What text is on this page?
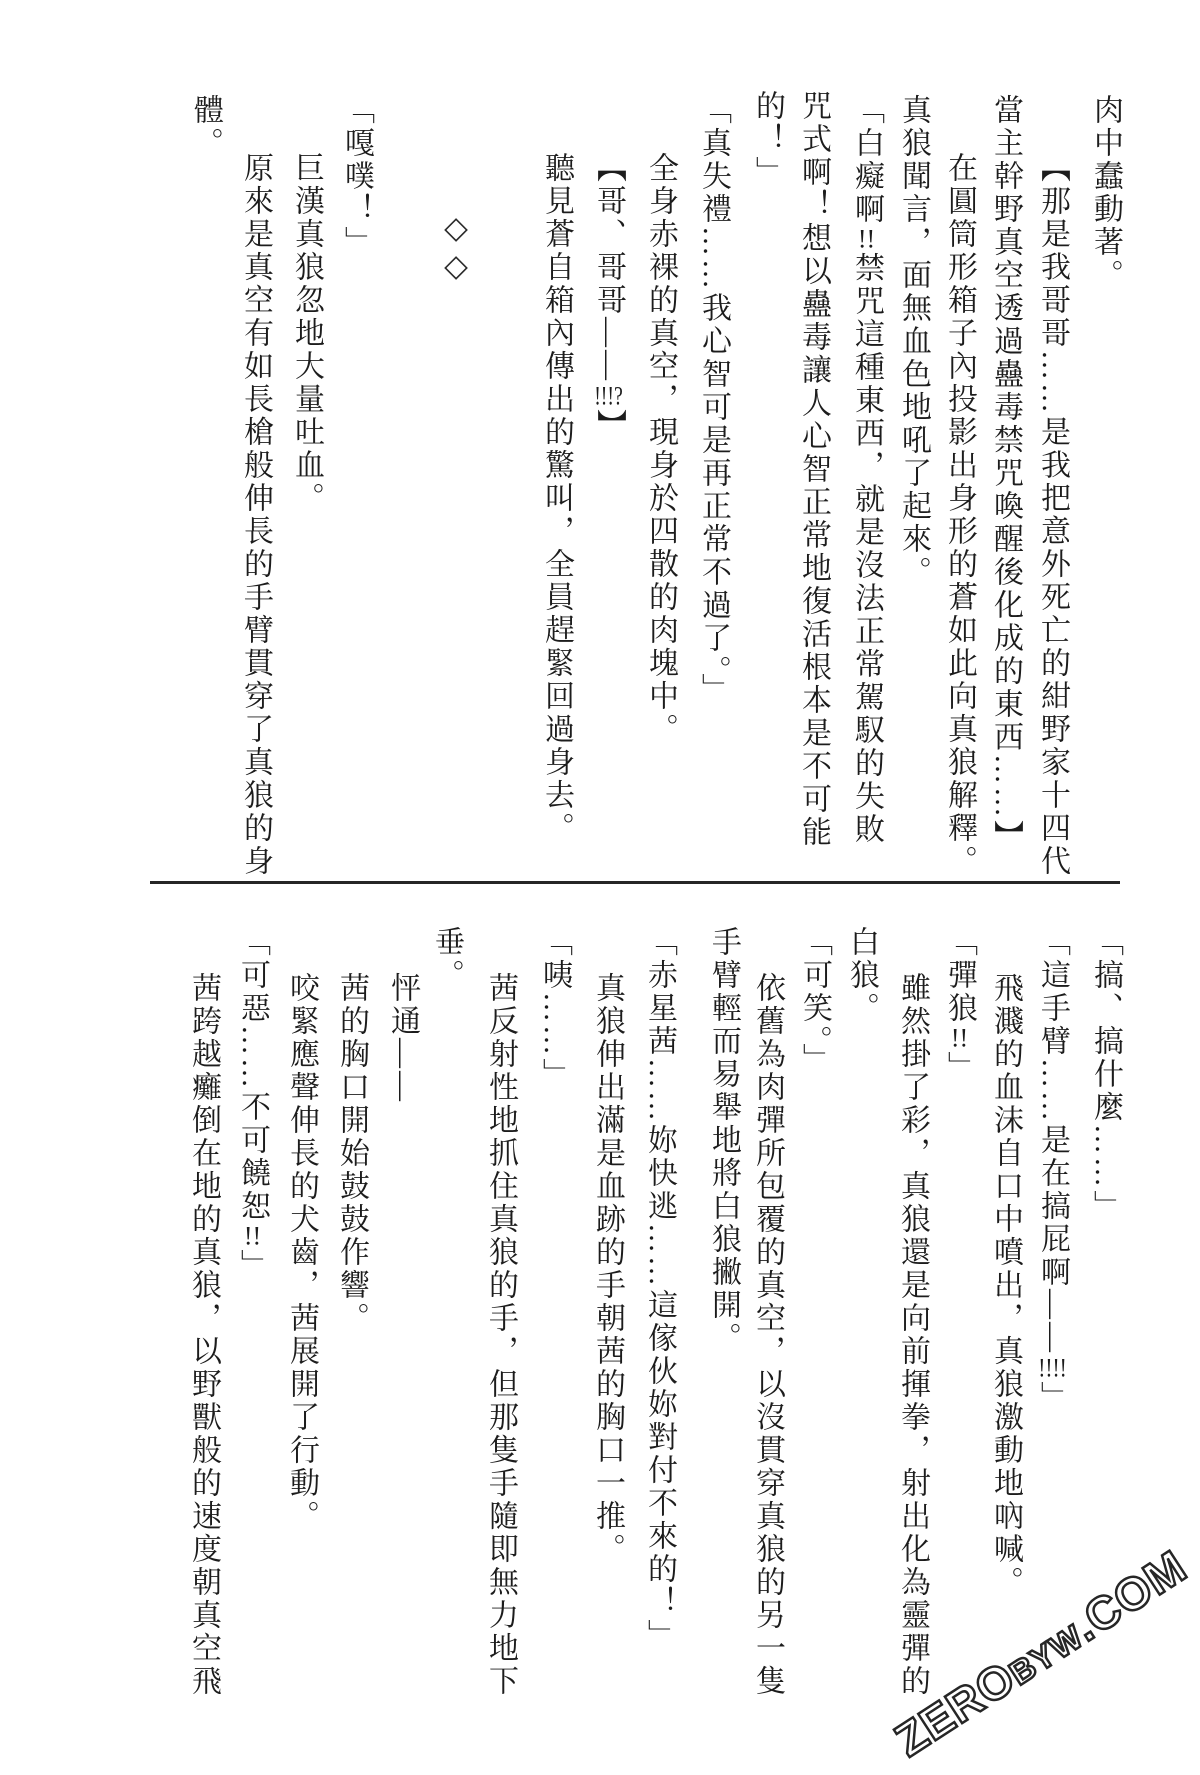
肉中蠢動著。
【那是我哥哥……是我把意外死亡的紺野家十四代
當主幹野真空透過蠱毒禁咒喚醒後化成的東西……】
在圓筒形箱子內投影出身形的蒼如此向真狼解釋。
真狼聞言，面無血色地吼了起來。
「白癡啊!!禁咒這種東西，就是沒法正常駕馭的失敗
咒式啊！想以蠱毒讓人心智正常地復活根本是不可能
的！」
「真失禮……我心智可是再正常不過了。」
全身赤裸的真空，現身於四散的肉塊中。
【哥、哥哥——!!!?】
聽見蒼自箱內傳出的驚叫，全員趕緊回過身去。
◇◇
「嘎噗！」
巨漢真狼忽地大量吐血。
原來是真空有如長槍般伸長的手臂貫穿了真狼的身
體。
「搞、搞什麼……」
「這手臂……是在搞屁啊——!!!!」
飛濺的血沫自口中噴出，真狼激動地吶喊。
「彈狼!!」
雖然掛了彩，真狼還是向前揮拳，射出化為靈彈的
白狼。
「可笑。」
依舊為肉彈所包覆的真空，以沒貫穿真狼的另一隻
手臂輕而易舉地將白狼撇開。
「赤星茜……妳快逃……這傢伙妳對付不來的！」
真狼伸出滿是血跡的手朝茜的胸口一推。
「咦……」
茜反射性地抓住真狼的手，但那隻手隨即無力地下
垂。
怦通——
茜的胸口開始鼓鼓作響。
咬緊應聲伸長的犬齒，茜展開了行動。
「可惡……不可饒恕!!」
茜跨越癱倒在地的真狼，以野獸般的速度朝真空飛
ZEROBYW.COM
